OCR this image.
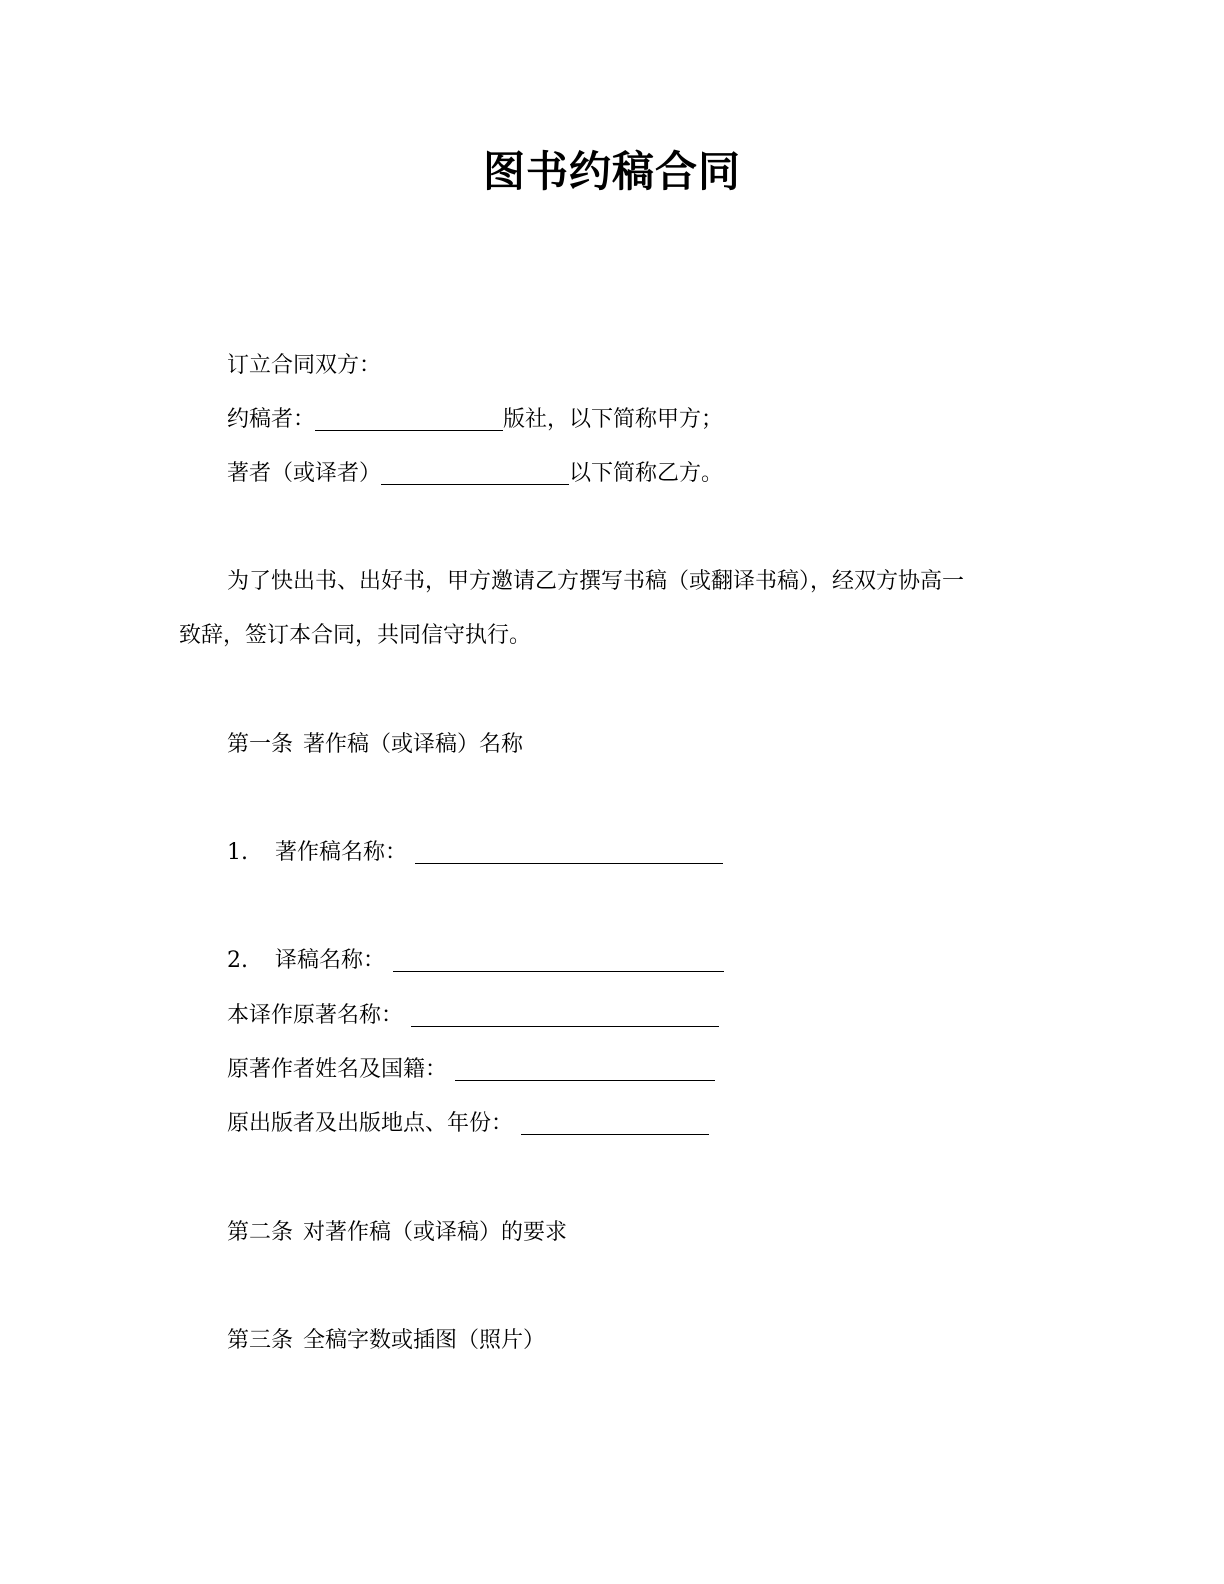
图书约稿合同
订立合同双方：
约稿者：	版社，以下简称甲方；
著者（或译者）	以下简称乙方。
为了快出书、出好书，甲方邀请乙方撰写书稿（或翻译书稿），经双方协高一
致辞，签订本合同，共同信守执行。
第一条 著作稿（或译稿）名称
1.	著作稿名称：
2.	译稿名称：
本译作原著名称：
原著作者姓名及国籍：
原出版者及出版地点、年份：
第二条 对著作稿（或译稿）的要求
第三条 全稿字数或插图（照片）
